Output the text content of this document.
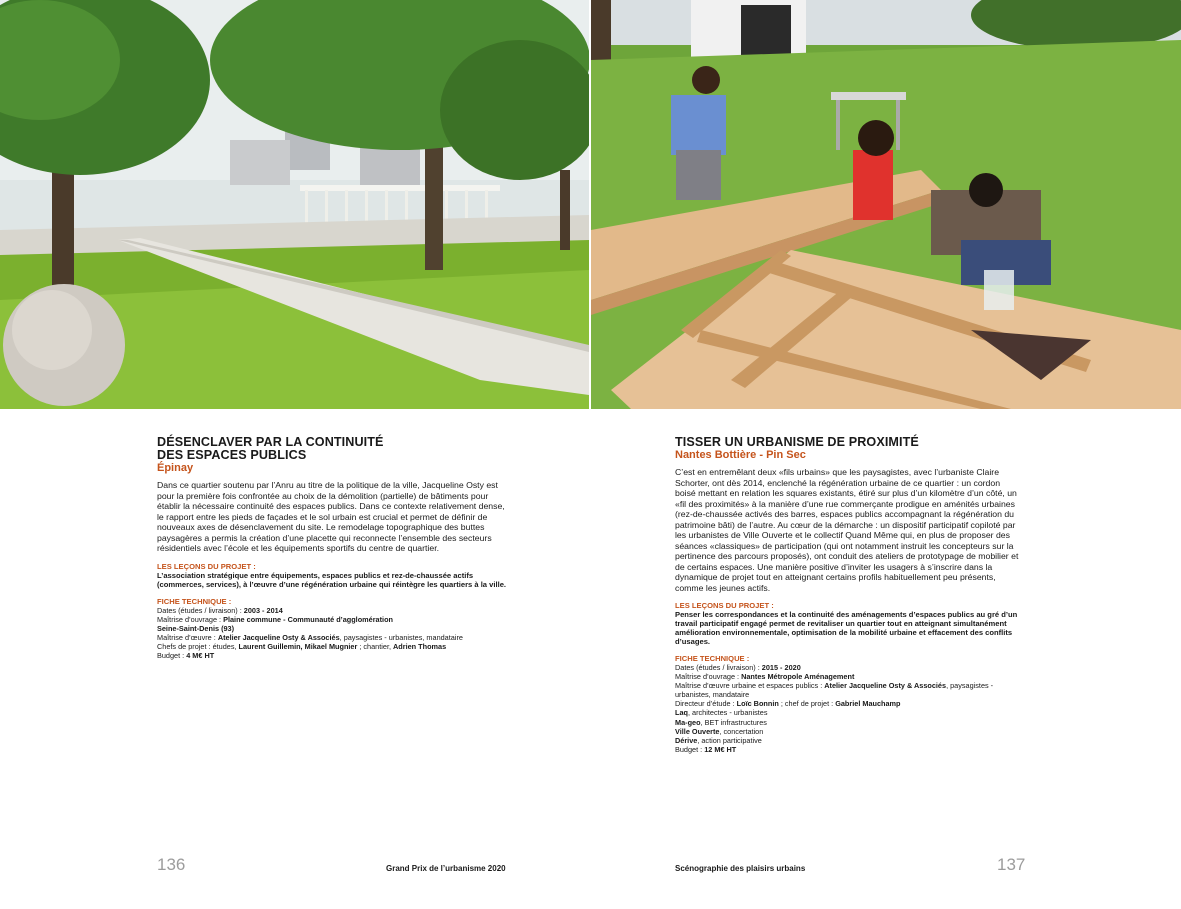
DÉSENCLAVER PAR LA CONTINUITÉ
DES ESPACES PUBLICS

Épinay

Dans ce quartier soutenu par l’Anru au titre de la politique de la ville, Jacqueline Osty est pour la première fois confrontée au choix de la démolition (partielle) de bâtiments pour établir la nécessaire continuité des espaces publics. Dans ce contexte relativement dense, le rapport entre les pieds de façades et le sol urbain est crucial et permet de définir de nouveaux axes de désenclavement du site. Le remodelage topographique des buttes paysagères a permis la création d’une placette qui reconnecte l’ensemble des secteurs résidentiels avec l’école et les équipements sportifs du centre de quartier.

LES LEÇONS DU PROJET :

L’association stratégique entre équipements, espaces publics et rez-de-chaussée actifs (commerces, services), à l’œuvre d’une régénération urbaine qui réintègre les quartiers à la ville.

FICHE TECHNIQUE :

Dates (études / livraison) : 2003 - 2014
Maîtrise d’ouvrage : Plaine commune - Communauté d’agglomération
Seine-Saint-Denis (93)
Maîtrise d’œuvre : Atelier Jacqueline Osty & Associés, paysagistes - urbanistes, mandataire
Chefs de projet : études, Laurent Guillemin, Mikael Mugnier ; chantier, Adrien Thomas
Budget : 4 M€ HT
TISSER UN URBANISME DE PROXIMITÉ

Nantes Bottière - Pin Sec

C’est en entremêlant deux «fils urbains» que les paysagistes, avec l’urbaniste Claire Schorter, ont dès 2014, enclenché la régénération urbaine de ce quartier : un cordon boisé mettant en relation les squares existants, étiré sur plus d’un kilomètre d’un côté, un «fil des proximités» à la manière d’une rue commerçante prodigue en aménités urbaines (rez-de-chaussée activés des barres, espaces publics accompagnant la régénération du patrimoine bâti) de l’autre. Au cœur de la démarche : un dispositif participatif copiloté par les urbanistes de Ville Ouverte et le collectif Quand Même qui, en plus de proposer des séances «classiques» de participation (qui ont notamment instruit les concepteurs sur la pertinence des parcours proposés), ont conduit des ateliers de prototypage de mobilier et de certains espaces. Une manière positive d’inviter les usagers à s’inscrire dans la dynamique de projet tout en atteignant certains profils habituellement peu présents, comme les jeunes actifs.

LES LEÇONS DU PROJET :

Penser les correspondances et la continuité des aménagements d’espaces publics au gré d’un travail participatif engagé permet de revitaliser un quartier tout en atteignant simultanément amélioration environnementale, optimisation de la mobilité urbaine et effacement des conflits d’usages.

FICHE TECHNIQUE :

Dates (études / livraison) : 2015 - 2020
Maîtrise d’ouvrage : Nantes Métropole Aménagement
Maîtrise d’œuvre urbaine et espaces publics : Atelier Jacqueline Osty & Associés, paysagistes - urbanistes, mandataire
Directeur d’étude : Loïc Bonnin ; chef de projet : Gabriel Mauchamp
Laq, architectes - urbanistes
Ma-geo, BET infrastructures
Ville Ouverte, concertation
Dérive, action participative
Budget : 12 M€ HT
136	Grand Prix de l’urbanisme 2020	Scénographie des plaisirs urbains	137
